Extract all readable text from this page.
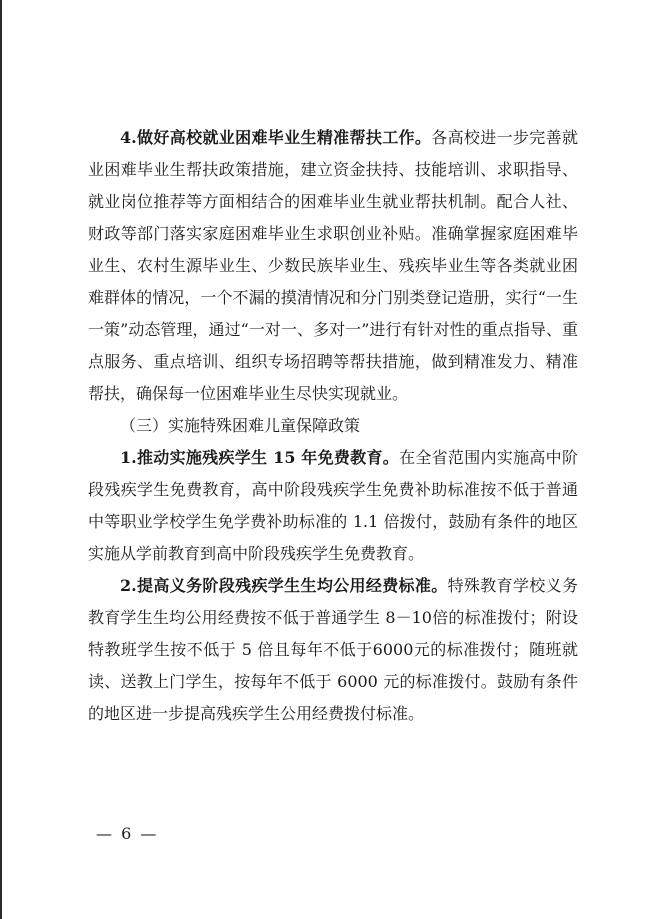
4.做好高校就业困难毕业生精准帮扶工作。各高校进一步完善就业困难毕业生帮扶政策措施，建立资金扶持、技能培训、求职指导、就业岗位推荐等方面相结合的困难毕业生就业帮扶机制。配合人社、财政等部门落实家庭困难毕业生求职创业补贴。准确掌握家庭困难毕业生、农村生源毕业生、少数民族毕业生、残疾毕业生等各类就业困难群体的情况，一个不漏的摸清情况和分门别类登记造册，实行“一生一策”动态管理，通过“一对一、多对一”进行有针对性的重点指导、重点服务、重点培训、组织专场招聘等帮扶措施，做到精准发力、精准帮扶，确保每一位困难毕业生尽快实现就业。

（三）实施特殊困难儿童保障政策

1.推动实施残疾学生 15 年免费教育。在全省范围内实施高中阶段残疾学生免费教育，高中阶段残疾学生免费补助标准按不低于普通中等职业学校学生免学费补助标准的 1.1 倍拨付，鼓励有条件的地区实施从学前教育到高中阶段残疾学生免费教育。

2.提高义务阶段残疾学生生均公用经费标准。特殊教育学校义务教育学生生均公用经费按不低于普通学生 8－10倍的标准拨付；附设特教班学生按不低于 5 倍且每年不低于6000元的标准拨付；随班就读、送教上门学生，按每年不低于 6000 元的标准拨付。鼓励有条件的地区进一步提高残疾学生公用经费拨付标准。

— 6 —
